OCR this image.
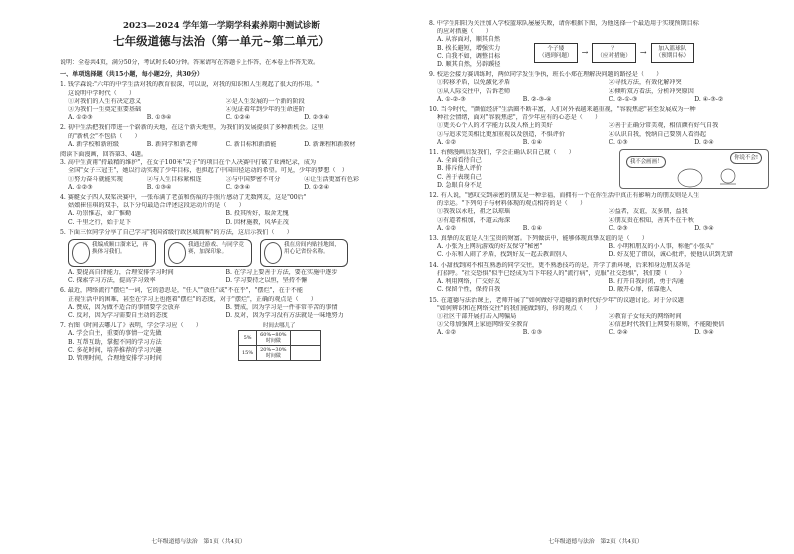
2023—2024 学年第一学期学科素养期中测试诊断
七年级道德与法治（第一单元~第二单元）
说明：全卷共4页，满分50分，考试时长40分钟。答案请写在答题卡上作答，在本卷上作答无效。
一、单项选择题（共15小题，每小题2分，共30分）
1. 钱学森说:"六年的中学生活对我的教育很深，可以说，对我的知识和人生观起了很大的作用。"
这说明中学时代（　　）
①对我们的人生有决定意义	②是人生发展的一个新的阶段
③为我们一生奠定重要基础	④见证着年到少年的生命进阶
A. ①②③	B. ①③④	C. ①②④	D. ②③④
2. 初中生活把我们带进一个崭新的天地，在这个新天地里，为我们的发展提供了多种新机会。这里
的"新机会"不包括（　　）
A. 新学校和新班级	B. 新同学和新老师	C. 新目标和新潜能	D. 新课程和新教材
阅读下面漫画，回答第3、4题。
3. 高中生黄甫"持最精的维护"，在女子100米"尖子"的项目在个人决赛中打破了亚洲纪录，成为
全国"女子三冠王"，她以行动实现了少年目标，也担起了中国田径运动的希望。可见，少年的梦想（　）
①努力奋斗就能实现	②与人生目标紧相连	③与中国梦密不可分	④让生活更富有色彩
A. ①②③	B. ①③④	C. ②③④	D. ①②④
4. 赛艇女子四人双桨决赛中，一张布满了老茧和伤痕的手照片感动了无数网友，这是"00后"
姑娘崔佳琪的双手，以下分句最适合评述这段运动片的是（　　）
A. 功崇惟志，业广惟勤	B. 投其所好，取舍无愧
C. 千里之行，始于足下	D. 因材施教，风华正茂
5. 下面三位同学分享了自己学习"我国省级行政区域简称"的方法，这启示我们（　　）
我编成顺口溜来记，再换体习我们。
我通过游戏、与同学竞赛，加深印象。
我在房间内贴挂地图，用心记省份名称。
A. 要提高自律能力，合理安排学习时间	B. 在学习上要善于方法，要在实施中逐步
C. 探索学习方法，提高学习效率	D. 学习要持之以恒，坚持不懈
6. 最近，网络流行"摆烂"一词，它的意思是，"任人""放任"或"不在乎"，"摆烂"，在于不能
正视生活中的困难，甚至在学习上也抱着"摆烂"的态度，对于"摆烂"，正确的观点是（　　）
A. 赞成，因为做不适合的事情要学会放弃	B. 赞成，因为学习是一件非常辛苦的事情
C. 反对，因为学习需要自主动的态度	D. 反对，因为学习没有方法就是一味地努力
7. 右图《时间去哪儿了》表明，学会学习应（　　）
A. 学会自主，重要的事情一定先做
B. 互帮互助，掌握不同的学习方法
C. 多花时间，培养推荐的学习兴趣
D. 管理时间，合理地安排学习时间
时间去哪儿了
5%	60%~80%
时间做	
15%	20%~30%
时间做	
七年级道德与法治　第1页（共4页）
8. 中学生阳阳为关注加入学校篮球队屡屡失败，请你根据下图，为他选择一个最适用于实现预期目标
的应对措施（　　）
A. 从容面对，顺其自然
B. 挨长避短，增强实力
C. 自我不如，调整目标
D. 顺其自然，另辟蹊径
个子矮
（遇到问题）	→	？
（应对措施）	→	加入篮球队
（预期目标）
9. 校运会接力赛训练时，两位同学发生争执，班长小郑在理解决问题的路径是（　　）
①转移矛盾，以免激化矛盾	②寻找方法，有效化解冲突
③从人际交往中，告诉老师	④倾听双方看法，分析冲突原因
A. ①-②-③	B. ②-③-④	C. ②-①-③	D. ④-③-②
10. 当今时代，"颜值经济"生活圈不断丰富，人们对外表越来越重视，"容貌焦虑"甚至发展成为一种
种社会情绪，面对"容貌焦虑"，青少年应有的心态是（　　）
①更关心个人的才学能力以及人格上的美好	②善于正确分常美观，相信颜有好气自我
③与追求完美相比更加重视以及创造，不惧评价	④认识自我，悦纳自己要别人看得起
A. ①②	B. ①④	C. ①③	D. ②④
11. 右侧漫画启发我们，学会正确认识自己就（　　）
A. 全面看待自己
B. 排斥他人评价
C. 善于表现自己
D. 急眼自身不足
我不会画画！
你说不会!
12. 有人说，"感叹交到亲密的朋友是一种幸福，而拥有一个在你生活中真正有影响力的朋友则是人生
的幸运。"下列句子与材料体现的观点相符的是（　　）
①我我以永旺，祖之以琼瑶	②益者，友谊，友多朋，益我
③有道者相加，不道云海深	④朋友贵在相知，善其不在千秋
A. ①②	B. ①④	C. ②③	D. ③④
13. 真挚的友谊是人生宝贵的财富。下列做法中，能够体现真挚友谊的是（　　）
A. 小张为上网玩游戏的好友保守"秘密"	B. 小明和朋友的小人事，称他"小张头"
C. 小东和人闹了矛盾，找到好友一起去教训别人	D. 好友犯了错误，诚心批评，使他认识到无错
14. 小甜找到闲不相互熟悉的同学交往，更不熟悉技巧的是，开学了新环境，后来和身边朋友各是
打招呼。"社交恐惧"似乎已经成为当下年轻人的"流行病"，克服"社交恐惧"，我们要（　　）
A. 利用网络，广交好友	B. 打开自我封闭，勇于沟通
C. 保留个性，保持自我	D. 敞开心扉，依靠他人
15. 在道德与法治课上，老师开展了"如何做好守道德的新时代好少年"的议题讨论。对于分议题
"如何辨识和在网络交往"的我们能做到的，你的观点（　　）
①社区干部开展打击入网骗局	②教育子女每天的网络时间
③父母加强网上家庭网络安全教育	④信息时代我们上网要有原则，不能随便信
A. ①②	B. ①③	C. ②④	D. ③④
七年级道德与法治　第2页（共4页）
